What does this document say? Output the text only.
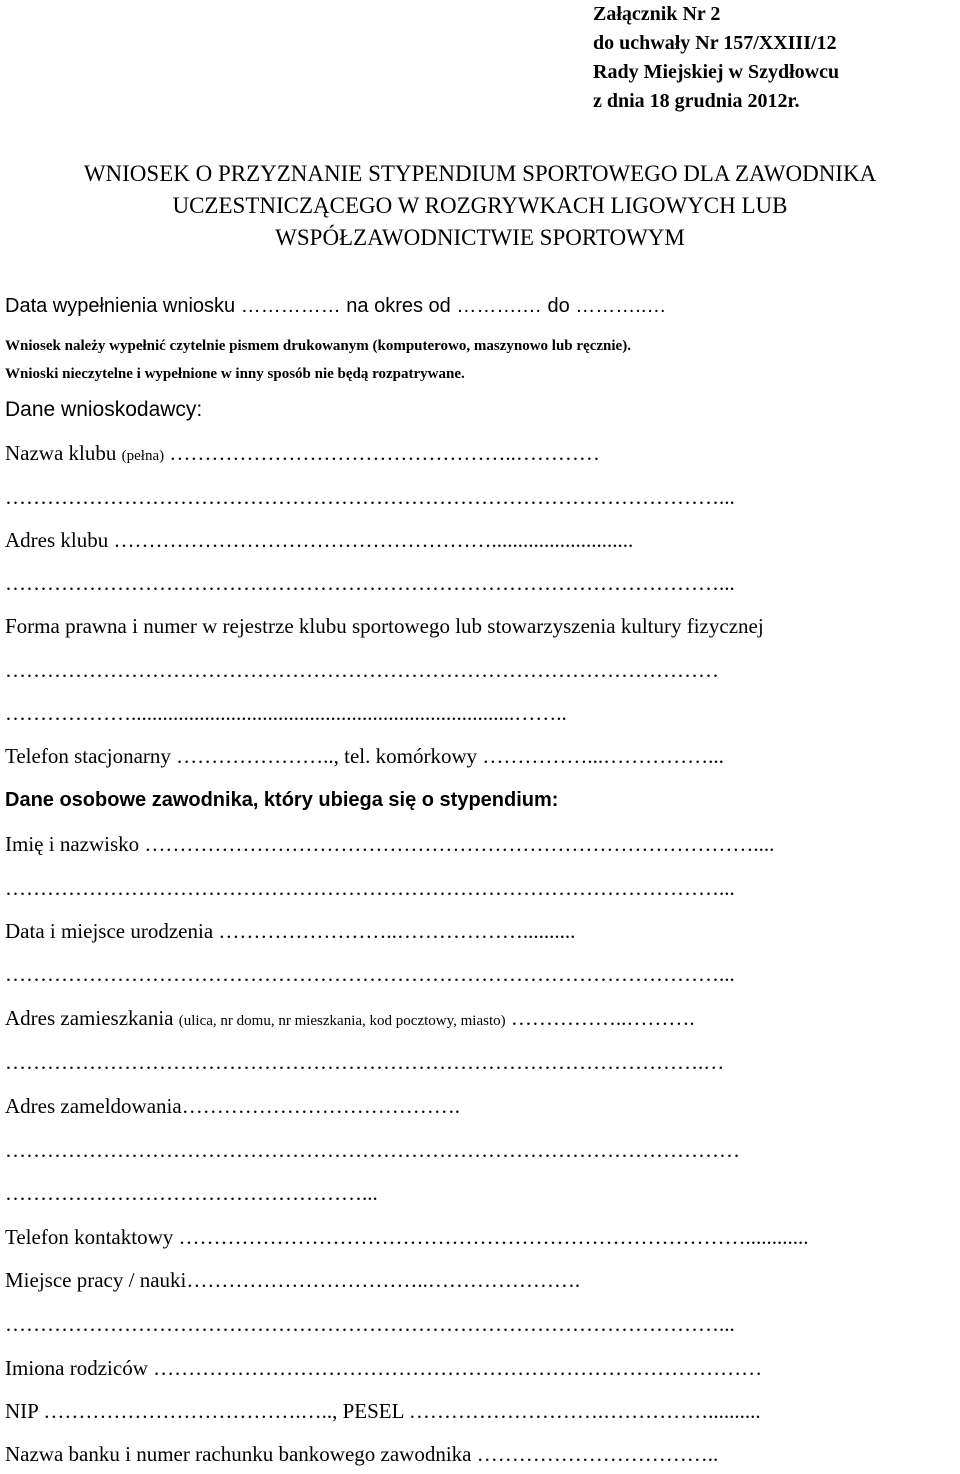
Załącznik Nr 2
do uchwały Nr 157/XXIII/12
Rady Miejskiej w Szydłowcu
z dnia 18 grudnia 2012r.
WNIOSEK O PRZYZNANIE STYPENDIUM SPORTOWEGO DLA ZAWODNIKA
UCZESTNICZĄCEGO W ROZGRYWKACH LIGOWYCH LUB
WSPÓŁZAWODNICTWIE SPORTOWYM
Data wypełnienia wniosku …………… na okres od ……….… do ………..…
Wniosek należy wypełnić czytelnie pismem drukowanym (komputerowo, maszynowo lub ręcznie).
Wnioski nieczytelne i wypełnione w inny sposób nie będą rozpatrywane.
Dane wnioskodawcy:
Nazwa klubu (pełna) …………………………………………..…………
…………………………………………………………………………………………...
Adres klubu ………………………………………………...........................
…………………………………………………………………………………………...
Forma prawna i numer w rejestrze klubu sportowego lub stowarzyszenia kultury fizycznej
…………………………………………………………………………………………
……………….........................................................................……..
Telefon stacjonarny ………………….., tel. komórkowy ……………...……………...
Dane osobowe zawodnika, który ubiega się o stypendium:
Imię i nazwisko ……………………………………………………………………………....
…………………………………………………………………………………………...
Data i miejsce urodzenia ……………………..………………..........
…………………………………………………………………………………………...
Adres zamieszkania (ulica, nr domu, nr mieszkania, kod pocztowy, miasto) ……………..……….
……………………………………………………………………………………….…
Adres zameldowania………………………………….
……………………………………………………………………………………………
……………………………………………...
Telefon kontaktowy ………………………………………………………………………............
Miejsce pracy / nauki……………………………..………………….
…………………………………………………………………………………………...
Imiona rodziców ……………………………………………………………………………
NIP ……………………………….….., PESEL ……………………….……………..........
Nazwa banku i numer rachunku bankowego zawodnika ……………………………..
